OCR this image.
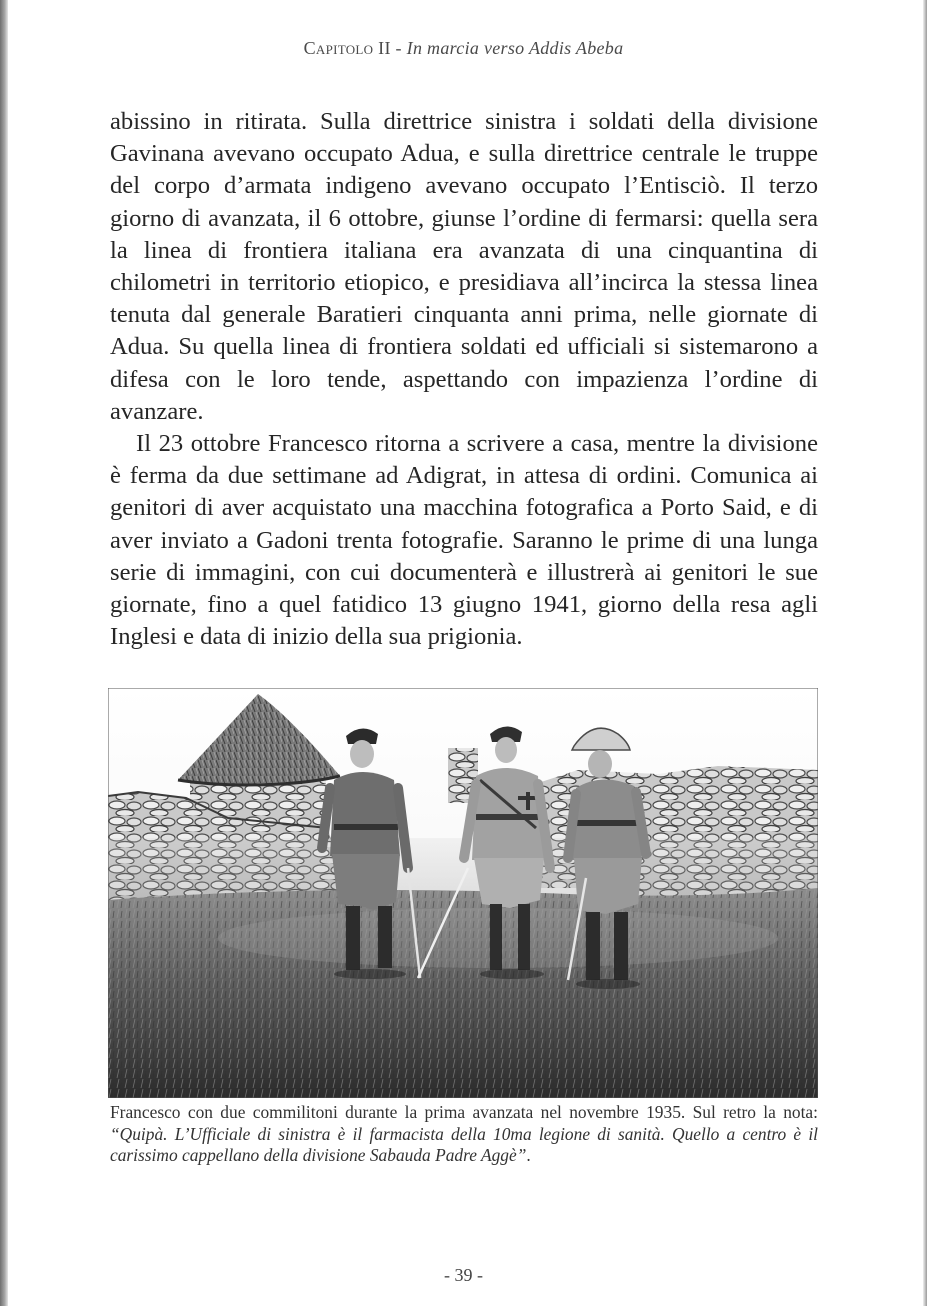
Capitolo II - In marcia verso Addis Abeba

abissino in ritirata. Sulla direttrice sinistra i soldati della divisione Gavinana avevano occupato Adua, e sulla direttrice centrale le truppe del corpo d’armata indigeno avevano occupato l’Entisciò. Il terzo giorno di avanzata, il 6 ottobre, giunse l’ordine di fermarsi: quella sera la linea di frontiera italiana era avanzata di una cinquantina di chilometri in territorio etiopico, e presidiava all’incirca la stessa linea tenuta dal generale Baratieri cinquanta anni prima, nelle giornate di Adua. Su quella linea di frontiera soldati ed ufficiali si sistemarono a difesa con le loro tende, aspettando con impazienza l’ordine di avanzare.

Il 23 ottobre Francesco ritorna a scrivere a casa, mentre la divisione è ferma da due settimane ad Adigrat, in attesa di ordini. Comunica ai genitori di aver acquistato una macchina fotografica a Porto Said, e di aver inviato a Gadoni trenta fotografie. Saranno le prime di una lunga serie di immagini, con cui documenterà e illustrerà ai genitori le sue giornate, fino a quel fatidico 13 giugno 1941, giorno della resa agli Inglesi e data di inizio della sua prigionia.

Francesco con due commilitoni durante la prima avanzata nel novembre 1935. Sul retro la nota: “Quipà. L’Ufficiale di sinistra è il farmacista della 10ma legione di sanità. Quello a centro è il carissimo cappellano della divisione Sabauda Padre Aggè”.
- 39 -
